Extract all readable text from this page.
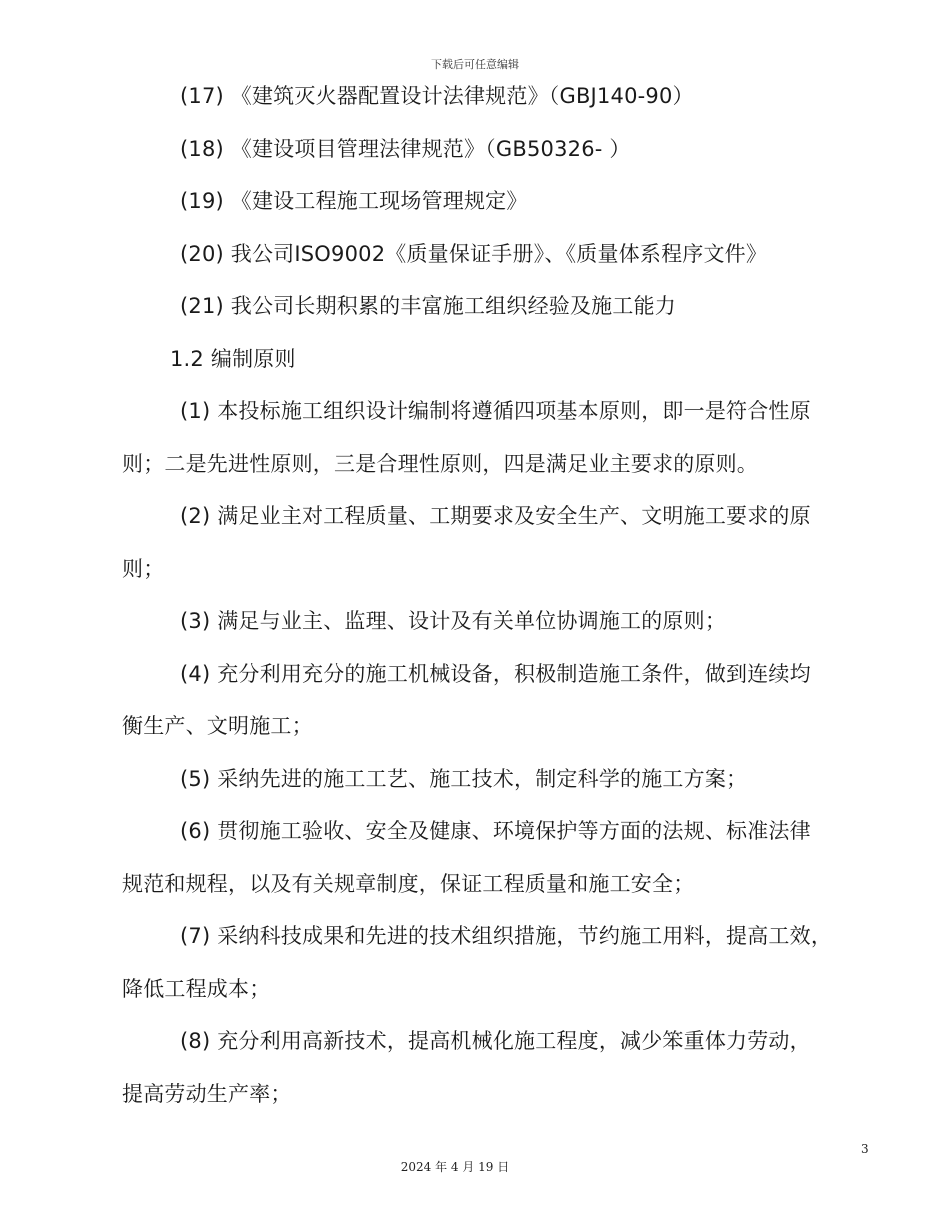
下载后可任意编辑
(17) 《建筑灭火器配置设计法律规范》（GBJ140-90）
(18) 《建设项目管理法律规范》（GB50326- ）
(19) 《建设工程施工现场管理规定》
(20) 我公司ISO9002《质量保证手册》、《质量体系程序文件》
(21) 我公司长期积累的丰富施工组织经验及施工能力
1.2 编制原则
(1) 本投标施工组织设计编制将遵循四项基本原则，即一是符合性原
则；二是先进性原则，三是合理性原则，四是满足业主要求的原则。
(2) 满足业主对工程质量、工期要求及安全生产、文明施工要求的原
则；
(3) 满足与业主、监理、设计及有关单位协调施工的原则；
(4) 充分利用充分的施工机械设备，积极制造施工条件，做到连续均
衡生产、文明施工；
(5) 采纳先进的施工工艺、施工技术，制定科学的施工方案；
(6) 贯彻施工验收、安全及健康、环境保护等方面的法规、标准法律
规范和规程，以及有关规章制度，保证工程质量和施工安全；
(7) 采纳科技成果和先进的技术组织措施，节约施工用料，提高工效，
降低工程成本；
(8) 充分利用高新技术，提高机械化施工程度，减少笨重体力劳动，
提高劳动生产率；
3
2024 年 4 月 19 日
